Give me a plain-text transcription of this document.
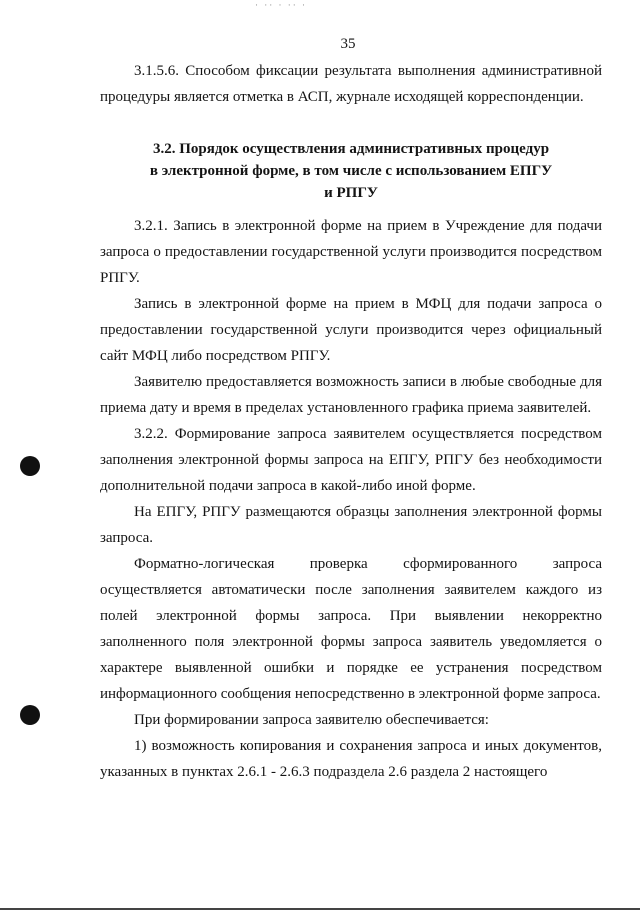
· ·· · ·· ·
35

3.1.5.6. Способом фиксации результата выполнения административной процедуры является отметка в АСП, журнале исходящей корреспонденции.

3.2. Порядок осуществления административных процедур
в электронной форме, в том числе с использованием ЕПГУ
и РПГУ

3.2.1. Запись в электронной форме на прием в Учреждение для подачи запроса о предоставлении государственной услуги производится посредством РПГУ.

Запись в электронной форме на прием в МФЦ для подачи запроса о предоставлении государственной услуги производится через официальный сайт МФЦ либо посредством РПГУ.

Заявителю предоставляется возможность записи в любые свободные для приема дату и время в пределах установленного графика приема заявителей.

3.2.2. Формирование запроса заявителем осуществляется посредством заполнения электронной формы запроса на ЕПГУ, РПГУ без необходимости дополнительной подачи запроса в какой-либо иной форме.

На ЕПГУ, РПГУ размещаются образцы заполнения электронной формы запроса.

Форматно-логическая проверка сформированного запроса осуществляется автоматически после заполнения заявителем каждого из полей электронной формы запроса. При выявлении некорректно заполненного поля электронной формы запроса заявитель уведомляется о характере выявленной ошибки и порядке ее устранения посредством информационного сообщения непосредственно в электронной форме запроса.

При формировании запроса заявителю обеспечивается:

1) возможность копирования и сохранения запроса и иных документов, указанных в пунктах 2.6.1 - 2.6.3 подраздела 2.6 раздела 2 настоящего
